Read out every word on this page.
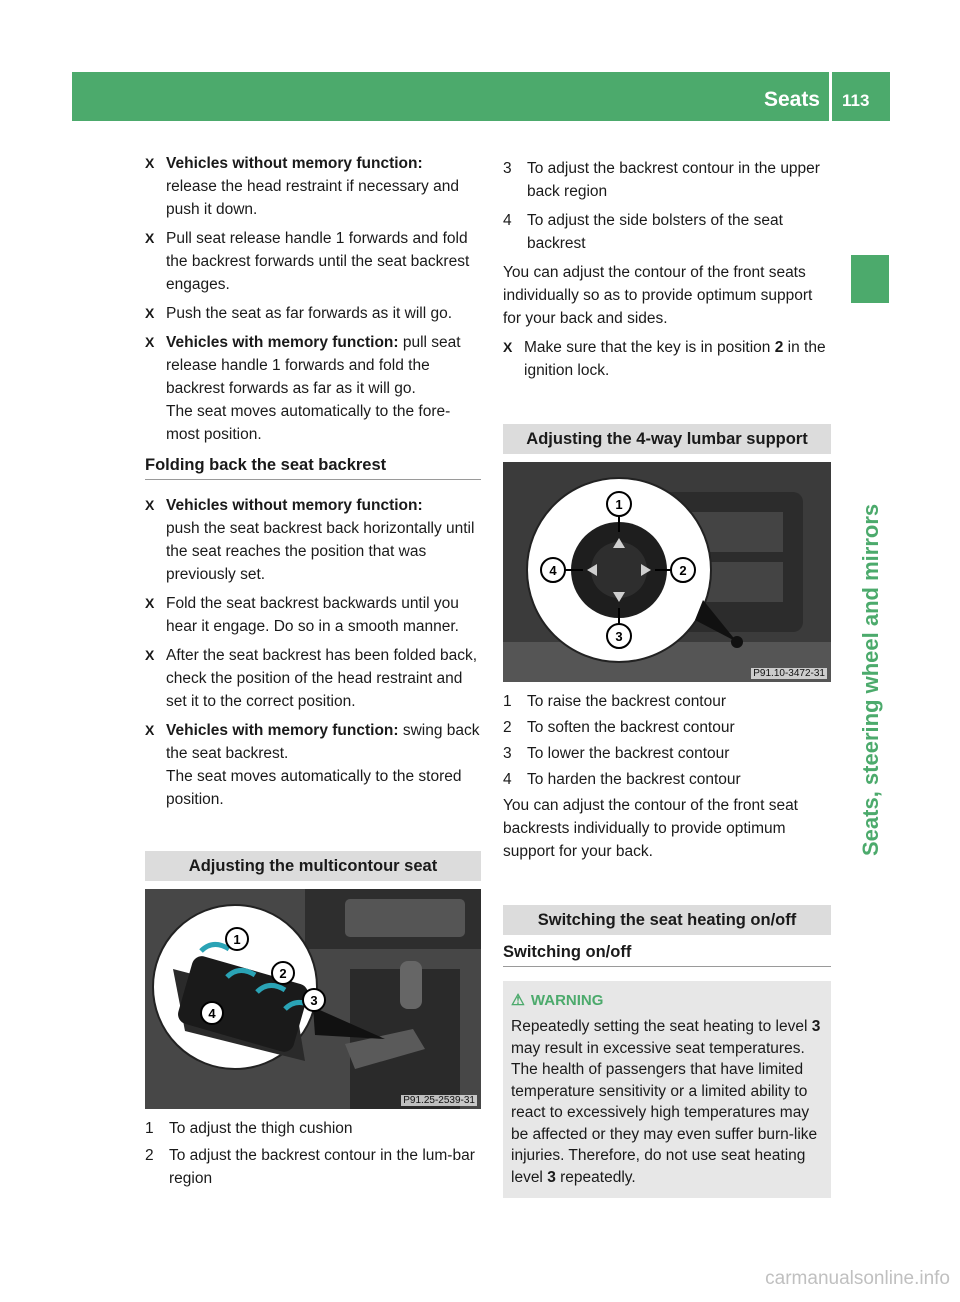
Seats 113
Seats, steering wheel and mirrors

X Vehicles without memory function:
release the head restraint if necessary and push it down.

X Pull seat release handle 1 forwards and fold the backrest forwards until the seat backrest engages.

X Push the seat as far forwards as it will go.

X Vehicles with memory function: pull seat release handle 1 forwards and fold the backrest forwards as far as it will go.
The seat moves automatically to the fore-most position.

Folding back the seat backrest

X Vehicles without memory function:
push the seat backrest back horizontally until the seat reaches the position that was previously set.

X Fold the seat backrest backwards until you hear it engage. Do so in a smooth manner.

X After the seat backrest has been folded back, check the position of the head restraint and set it to the correct position.

X Vehicles with memory function: swing back the seat backrest.
The seat moves automatically to the stored position.

Adjusting the multicontour seat
1
2
3
4
P91.25-2539-31

1 To adjust the thigh cushion

2 To adjust the backrest contour in the lum-bar region

3 To adjust the backrest contour in the upper back region

4 To adjust the side bolsters of the seat backrest

You can adjust the contour of the front seats individually so as to provide optimum support for your back and sides.

X Make sure that the key is in position 2 in the ignition lock.

Adjusting the 4-way lumbar support
1
2
3
4
P91.10-3472-31

1 To raise the backrest contour

2 To soften the backrest contour

3 To lower the backrest contour

4 To harden the backrest contour

You can adjust the contour of the front seat backrests individually to provide optimum support for your back.

Switching the seat heating on/off
Switching on/off

⚠ WARNING

Repeatedly setting the seat heating to level 3 may result in excessive seat temperatures. The health of passengers that have limited temperature sensitivity or a limited ability to react to excessively high temperatures may be affected or they may even suffer burn-like injuries. Therefore, do not use seat heating level 3 repeatedly.

carmanualsonline.info
